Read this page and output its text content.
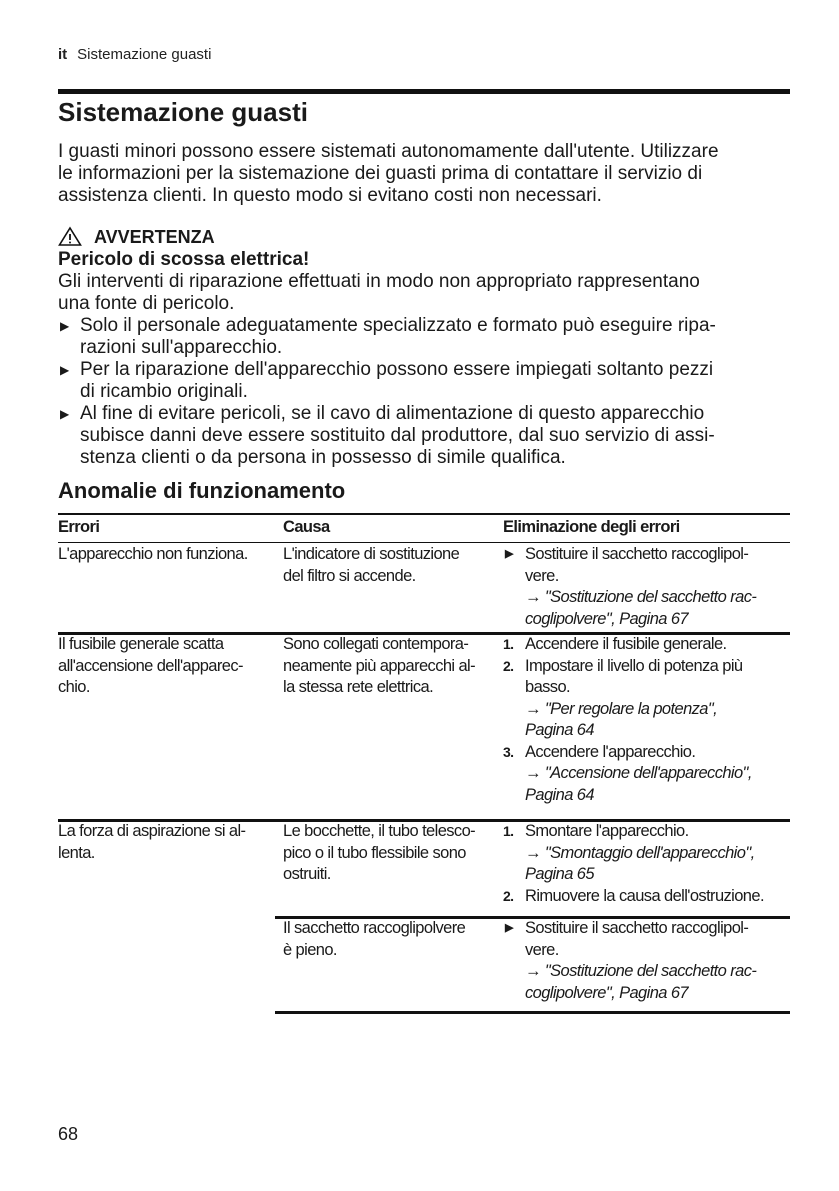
it Sistemazione guasti
Sistemazione guasti
I guasti minori possono essere sistemati autonomamente dall'utente. Utilizzare
le informazioni per la sistemazione dei guasti prima di contattare il servizio di
assistenza clienti. In questo modo si evitano costi non necessari.
AVVERTENZA
Pericolo di scossa elettrica!
Gli interventi di riparazione effettuati in modo non appropriato rappresentano
una fonte di pericolo.
▶ Solo il personale adeguatamente specializzato e formato può eseguire ripa-
razioni sull'apparecchio.
▶ Per la riparazione dell'apparecchio possono essere impiegati soltanto pezzi
di ricambio originali.
▶ Al fine di evitare pericoli, se il cavo di alimentazione di questo apparecchio
subisce danni deve essere sostituito dal produttore, dal suo servizio di assi-
stenza clienti o da persona in possesso di simile qualifica.
Anomalie di funzionamento
Errori	Causa	Eliminazione degli errori
L'apparecchio non funziona. L'indicatore di sostituzione
del filtro si accende.
▶ Sostituire il sacchetto raccoglipol-
vere.
→ "Sostituzione del sacchetto rac-
coglipolvere", Pagina 67
Il fusibile generale scatta
all'accensione dell'apparec-
chio.
Sono collegati contempora-
neamente più apparecchi al-
la stessa rete elettrica.
1. Accendere il fusibile generale.
2. Impostare il livello di potenza più
basso.
→ "Per regolare la potenza",
Pagina 64
3. Accendere l'apparecchio.
→ "Accensione dell'apparecchio",
Pagina 64
La forza di aspirazione si al-
lenta.
Le bocchette, il tubo telesco-
pico o il tubo flessibile sono
ostruiti.
1. Smontare l'apparecchio.
→ "Smontaggio dell'apparecchio",
Pagina 65
2. Rimuovere la causa dell'ostruzione.
Il sacchetto raccoglipolvere
è pieno.
▶ Sostituire il sacchetto raccoglipol-
vere.
→ "Sostituzione del sacchetto rac-
coglipolvere", Pagina 67
68
